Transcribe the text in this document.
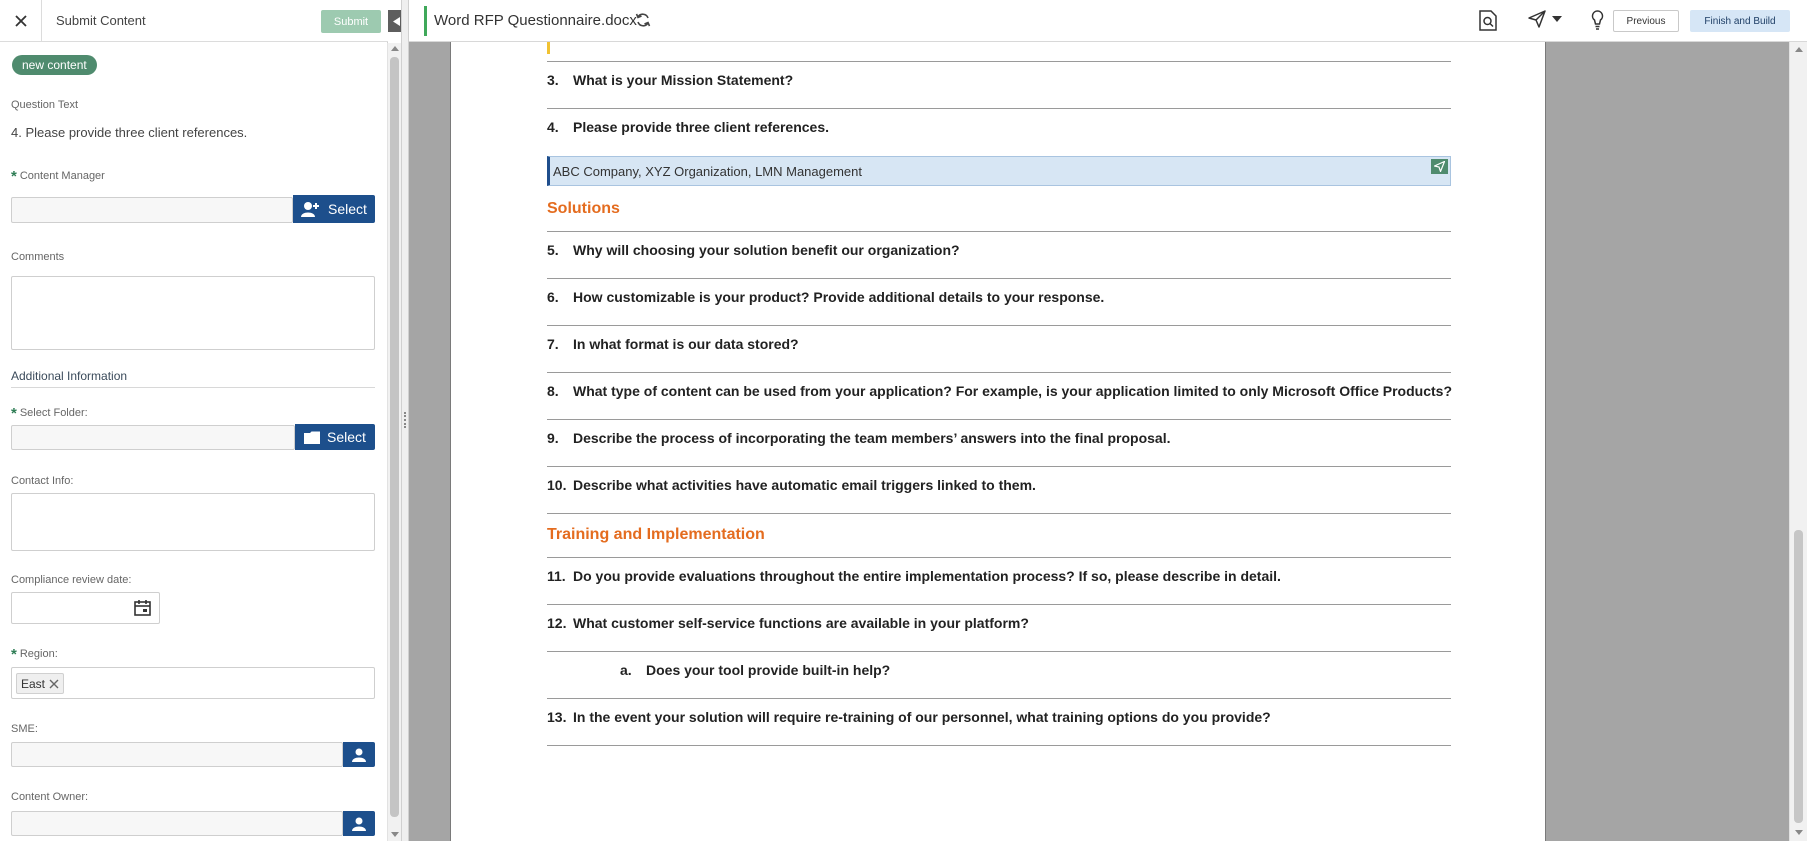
Submit Content	Submit
new content
Question Text
4. Please provide three client references.
* Content Manager
Select
Comments
Additional Information
* Select Folder:
Select
Contact Info:
Compliance review date:
* Region:
East
SME:
Content Owner:
Word RFP Questionnaire.docx	Previous	Finish and Build
3. What is your Mission Statement?
4. Please provide three client references.
ABC Company, XYZ Organization, LMN Management
Solutions
5. Why will choosing your solution benefit our organization?
6. How customizable is your product? Provide additional details to your response.
7. In what format is our data stored?
8. What type of content can be used from your application? For example, is your application limited to only Microsoft Office Products?
9. Describe the process of incorporating the team members’ answers into the final proposal.
10. Describe what activities have automatic email triggers linked to them.
Training and Implementation
11. Do you provide evaluations throughout the entire implementation process? If so, please describe in detail.
12. What customer self-service functions are available in your platform?
a. Does your tool provide built-in help?
13. In the event your solution will require re-training of our personnel, what training options do you provide?
